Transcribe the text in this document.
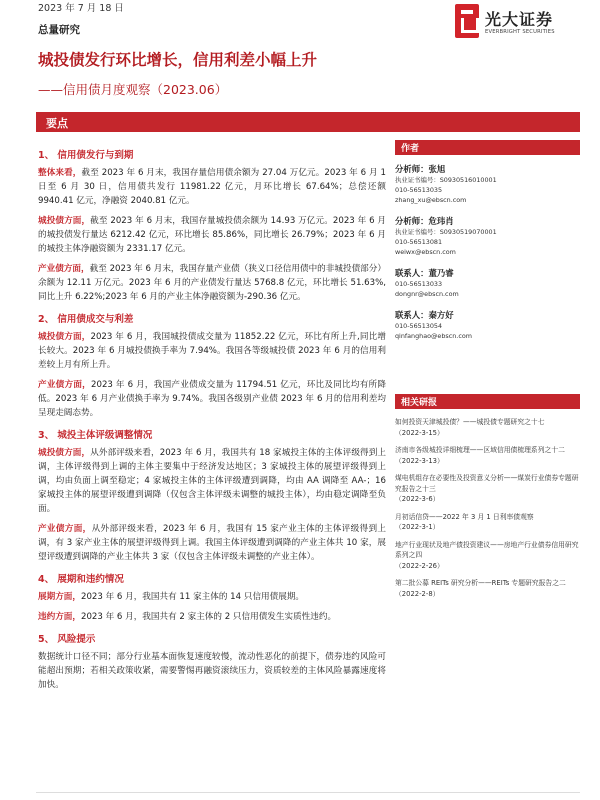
2023 年 7 月 18 日
总量研究
光大证券
EVERBRIGHT SECURITIES
城投债发行环比增长，信用利差小幅上升
——信用债月度观察（2023.06）
要点
1、 信用债发行与到期

整体来看，截至 2023 年 6 月末，我国存量信用债余额为 27.04 万亿元。2023 年 6 月 1 日至 6 月 30 日，信用债共发行 11981.22 亿元，月环比增长 67.64%；总偿还额 9940.41 亿元，净融资 2040.81 亿元。

城投债方面，截至 2023 年 6 月末，我国存量城投债余额为 14.93 万亿元。2023 年 6 月的城投债发行量达 6212.42 亿元，环比增长 85.86%，同比增长 26.79%；2023 年 6 月的城投主体净融资额为 2331.17 亿元。

产业债方面，截至 2023 年 6 月末，我国存量产业债（狭义口径信用债中的非城投债部分）余额为 12.11 万亿元。2023 年 6 月的产业债发行量达 5768.8 亿元，环比增长 51.63%,同比上升 6.22%;2023 年 6 月的产业主体净融资额为-290.36 亿元。

2、 信用债成交与利差

城投债方面，2023 年 6 月，我国城投债成交量为 11852.22 亿元，环比有所上升,同比增长较大。2023 年 6 月城投债换手率为 7.94%。我国各等级城投债 2023 年 6 月的信用利差较上月有所上升。

产业债方面，2023 年 6 月，我国产业债成交量为 11794.51 亿元，环比及同比均有所降低。2023 年 6 月产业债换手率为 9.74%。我国各级别产业债 2023 年 6 月的信用利差均呈现走阔态势。

3、 城投主体评级调整情况

城投债方面，从外部评级来看，2023 年 6 月，我国共有 18 家城投主体的主体评级得到上调，主体评级得到上调的主体主要集中于经济发达地区；3 家城投主体的展望评级得到上调，均由负面上调至稳定；4 家城投主体的主体评级遭到调降，均由 AA 调降至 AA-；16 家城投主体的展望评级遭到调降（仅包含主体评级未调整的城投主体），均由稳定调降至负面。

产业债方面，从外部评级来看，2023 年 6 月，我国有 15 家产业主体的主体评级得到上调，有 3 家产业主体的展望评级得到上调。我国主体评级遭到调降的产业主体共 10 家，展望评级遭到调降的产业主体共 3 家（仅包含主体评级未调整的产业主体）。

4、 展期和违约情况

展期方面，2023 年 6 月，我国共有 11 家主体的 14 只信用债展期。

违约方面，2023 年 6 月，我国共有 2 家主体的 2 只信用债发生实质性违约。

5、 风险提示

数据统计口径不同；部分行业基本面恢复速度较慢，流动性恶化的前提下，债券违约风险可能超出预期；若相关政策收紧，需要警惕再融资滚续压力，资质较差的主体风险暴露速度将加快。

作者
分析师：张旭
执业证书编号：S0930516010001
010-56513035
zhang_xu@ebscn.com
分析师：危玮肖
执业证书编号：S0930519070001
010-56513081
weiwx@ebscn.com
联系人：董乃睿
010-56513033
dongnr@ebscn.com
联系人：秦方好
010-56513054
qinfanghao@ebscn.com
相关研报
如何投资天津城投债？——城投债专题研究之十七
（2022-3-15）
济南市各级城投详细梳理——区域信用债梳理系列之十二
（2022-3-13）
煤电机组存在必要性及投资意义分析——煤炭行业债券专题研究报告之十三
（2022-3-6）
月初话信贷——2022 年 3 月 1 日利率债观察
（2022-3-1）
地产行业现状及地产债投资建议——房地产行业债券信用研究系列之四
（2022-2-26）
第二批公募 REITs 研究分析——REITs 专题研究报告之二
（2022-2-8）
